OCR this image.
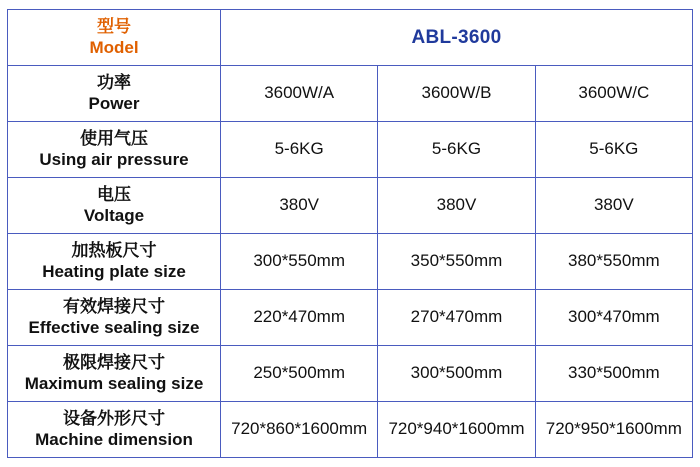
型号
Model	ABL-3600		

功率
Power	3600W/A	3600W/B	3600W/C

使用气压
Using air pressure	5-6KG	5-6KG	5-6KG

电压
Voltage	380V	380V	380V

加热板尺寸
Heating plate size	300*550mm	350*550mm	380*550mm

有效焊接尺寸
Effective sealing size	220*470mm	270*470mm	300*470mm

极限焊接尺寸
Maximum sealing size	250*500mm	300*500mm	330*500mm

设备外形尺寸
Machine dimension	720*860*1600mm	720*940*1600mm	720*950*1600mm
